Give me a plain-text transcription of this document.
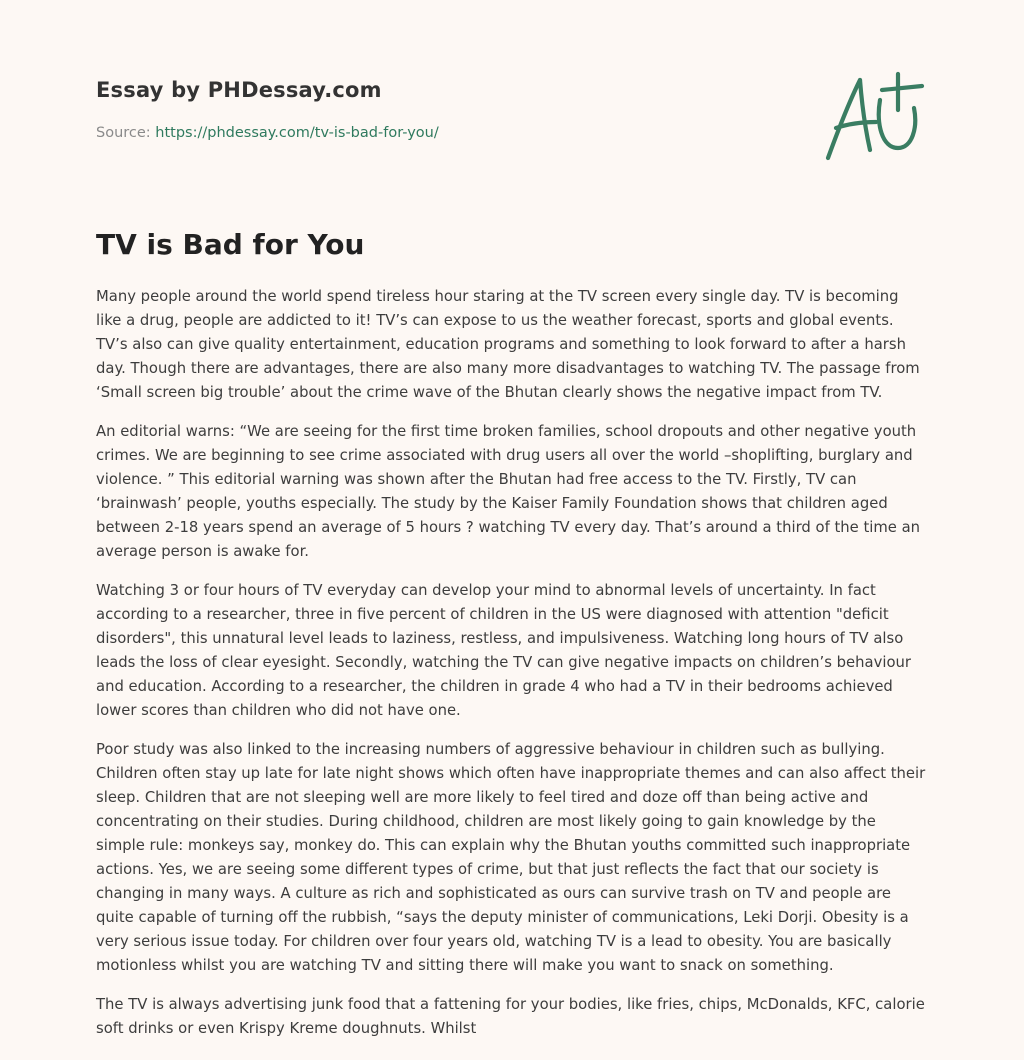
Essay by PHDessay.com
Source: https://phdessay.com/tv-is-bad-for-you/
TV is Bad for You

Many people around the world spend tireless hour staring at the TV screen every single day. TV is becoming like a drug, people are addicted to it! TV’s can expose to us the weather forecast, sports and global events. TV’s also can give quality entertainment, education programs and something to look forward to after a harsh day. Though there are advantages, there are also many more disadvantages to watching TV. The passage from ‘Small screen big trouble’ about the crime wave of the Bhutan clearly shows the negative impact from TV.

An editorial warns: “We are seeing for the first time broken families, school dropouts and other negative youth crimes. We are beginning to see crime associated with drug users all over the world –shoplifting, burglary and violence. ” This editorial warning was shown after the Bhutan had free access to the TV. Firstly, TV can ‘brainwash’ people, youths especially. The study by the Kaiser Family Foundation shows that children aged between 2-18 years spend an average of 5 hours ? watching TV every day. That’s around a third of the time an average person is awake for.

Watching 3 or four hours of TV everyday can develop your mind to abnormal levels of uncertainty. In fact according to a researcher, three in five percent of children in the US were diagnosed with attention "deficit disorders", this unnatural level leads to laziness, restless, and impulsiveness. Watching long hours of TV also leads the loss of clear eyesight. Secondly, watching the TV can give negative impacts on children’s behaviour and education. According to a researcher, the children in grade 4 who had a TV in their bedrooms achieved lower scores than children who did not have one.

Poor study was also linked to the increasing numbers of aggressive behaviour in children such as bullying. Children often stay up late for late night shows which often have inappropriate themes and can also affect their sleep. Children that are not sleeping well are more likely to feel tired and doze off than being active and concentrating on their studies. During childhood, children are most likely going to gain knowledge by the simple rule: monkeys say, monkey do. This can explain why the Bhutan youths committed such inappropriate actions. Yes, we are seeing some different types of crime, but that just reflects the fact that our society is changing in many ways. A culture as rich and sophisticated as ours can survive trash on TV and people are quite capable of turning off the rubbish, “says the deputy minister of communications, Leki Dorji. Obesity is a very serious issue today. For children over four years old, watching TV is a lead to obesity. You are basically motionless whilst you are watching TV and sitting there will make you want to snack on something.

The TV is always advertising junk food that a fattening for your bodies, like fries, chips, McDonalds, KFC, calorie soft drinks or even Krispy Kreme doughnuts. Whilst
